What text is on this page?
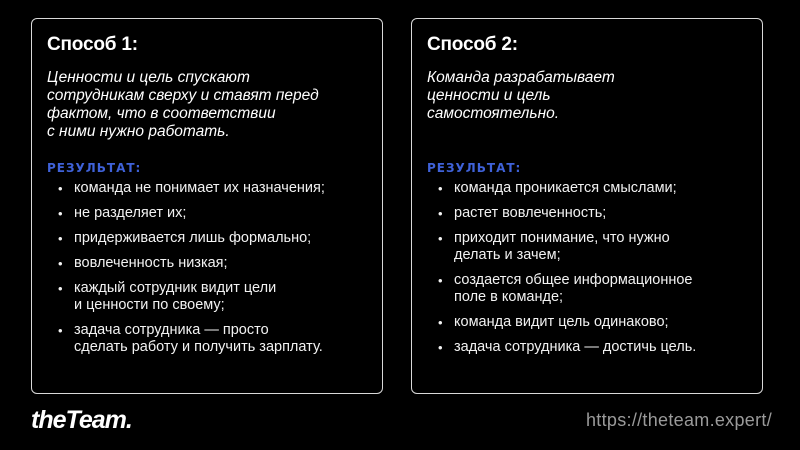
Способ 1:
Ценности и цель спускают
сотрудникам сверху и ставят перед
фактом, что в соответствии
с ними нужно работать.
РЕЗУЛЬТАТ:
• команда не понимает их назначения;
• не разделяет их;
• придерживается лишь формально;
• вовлеченность низкая;
• каждый сотрудник видит цели
и ценности по своему;
• задача сотрудника — просто
сделать работу и получить зарплату.
Способ 2:
Команда разрабатывает
ценности и цель
самостоятельно.
РЕЗУЛЬТАТ:
• команда проникается смыслами;
• растет вовлеченность;
• приходит понимание, что нужно
делать и зачем;
• создается общее информационное
поле в команде;
• команда видит цель одинаково;
• задача сотрудника — достичь цель.
theTeam.	https://theteam.expert/
